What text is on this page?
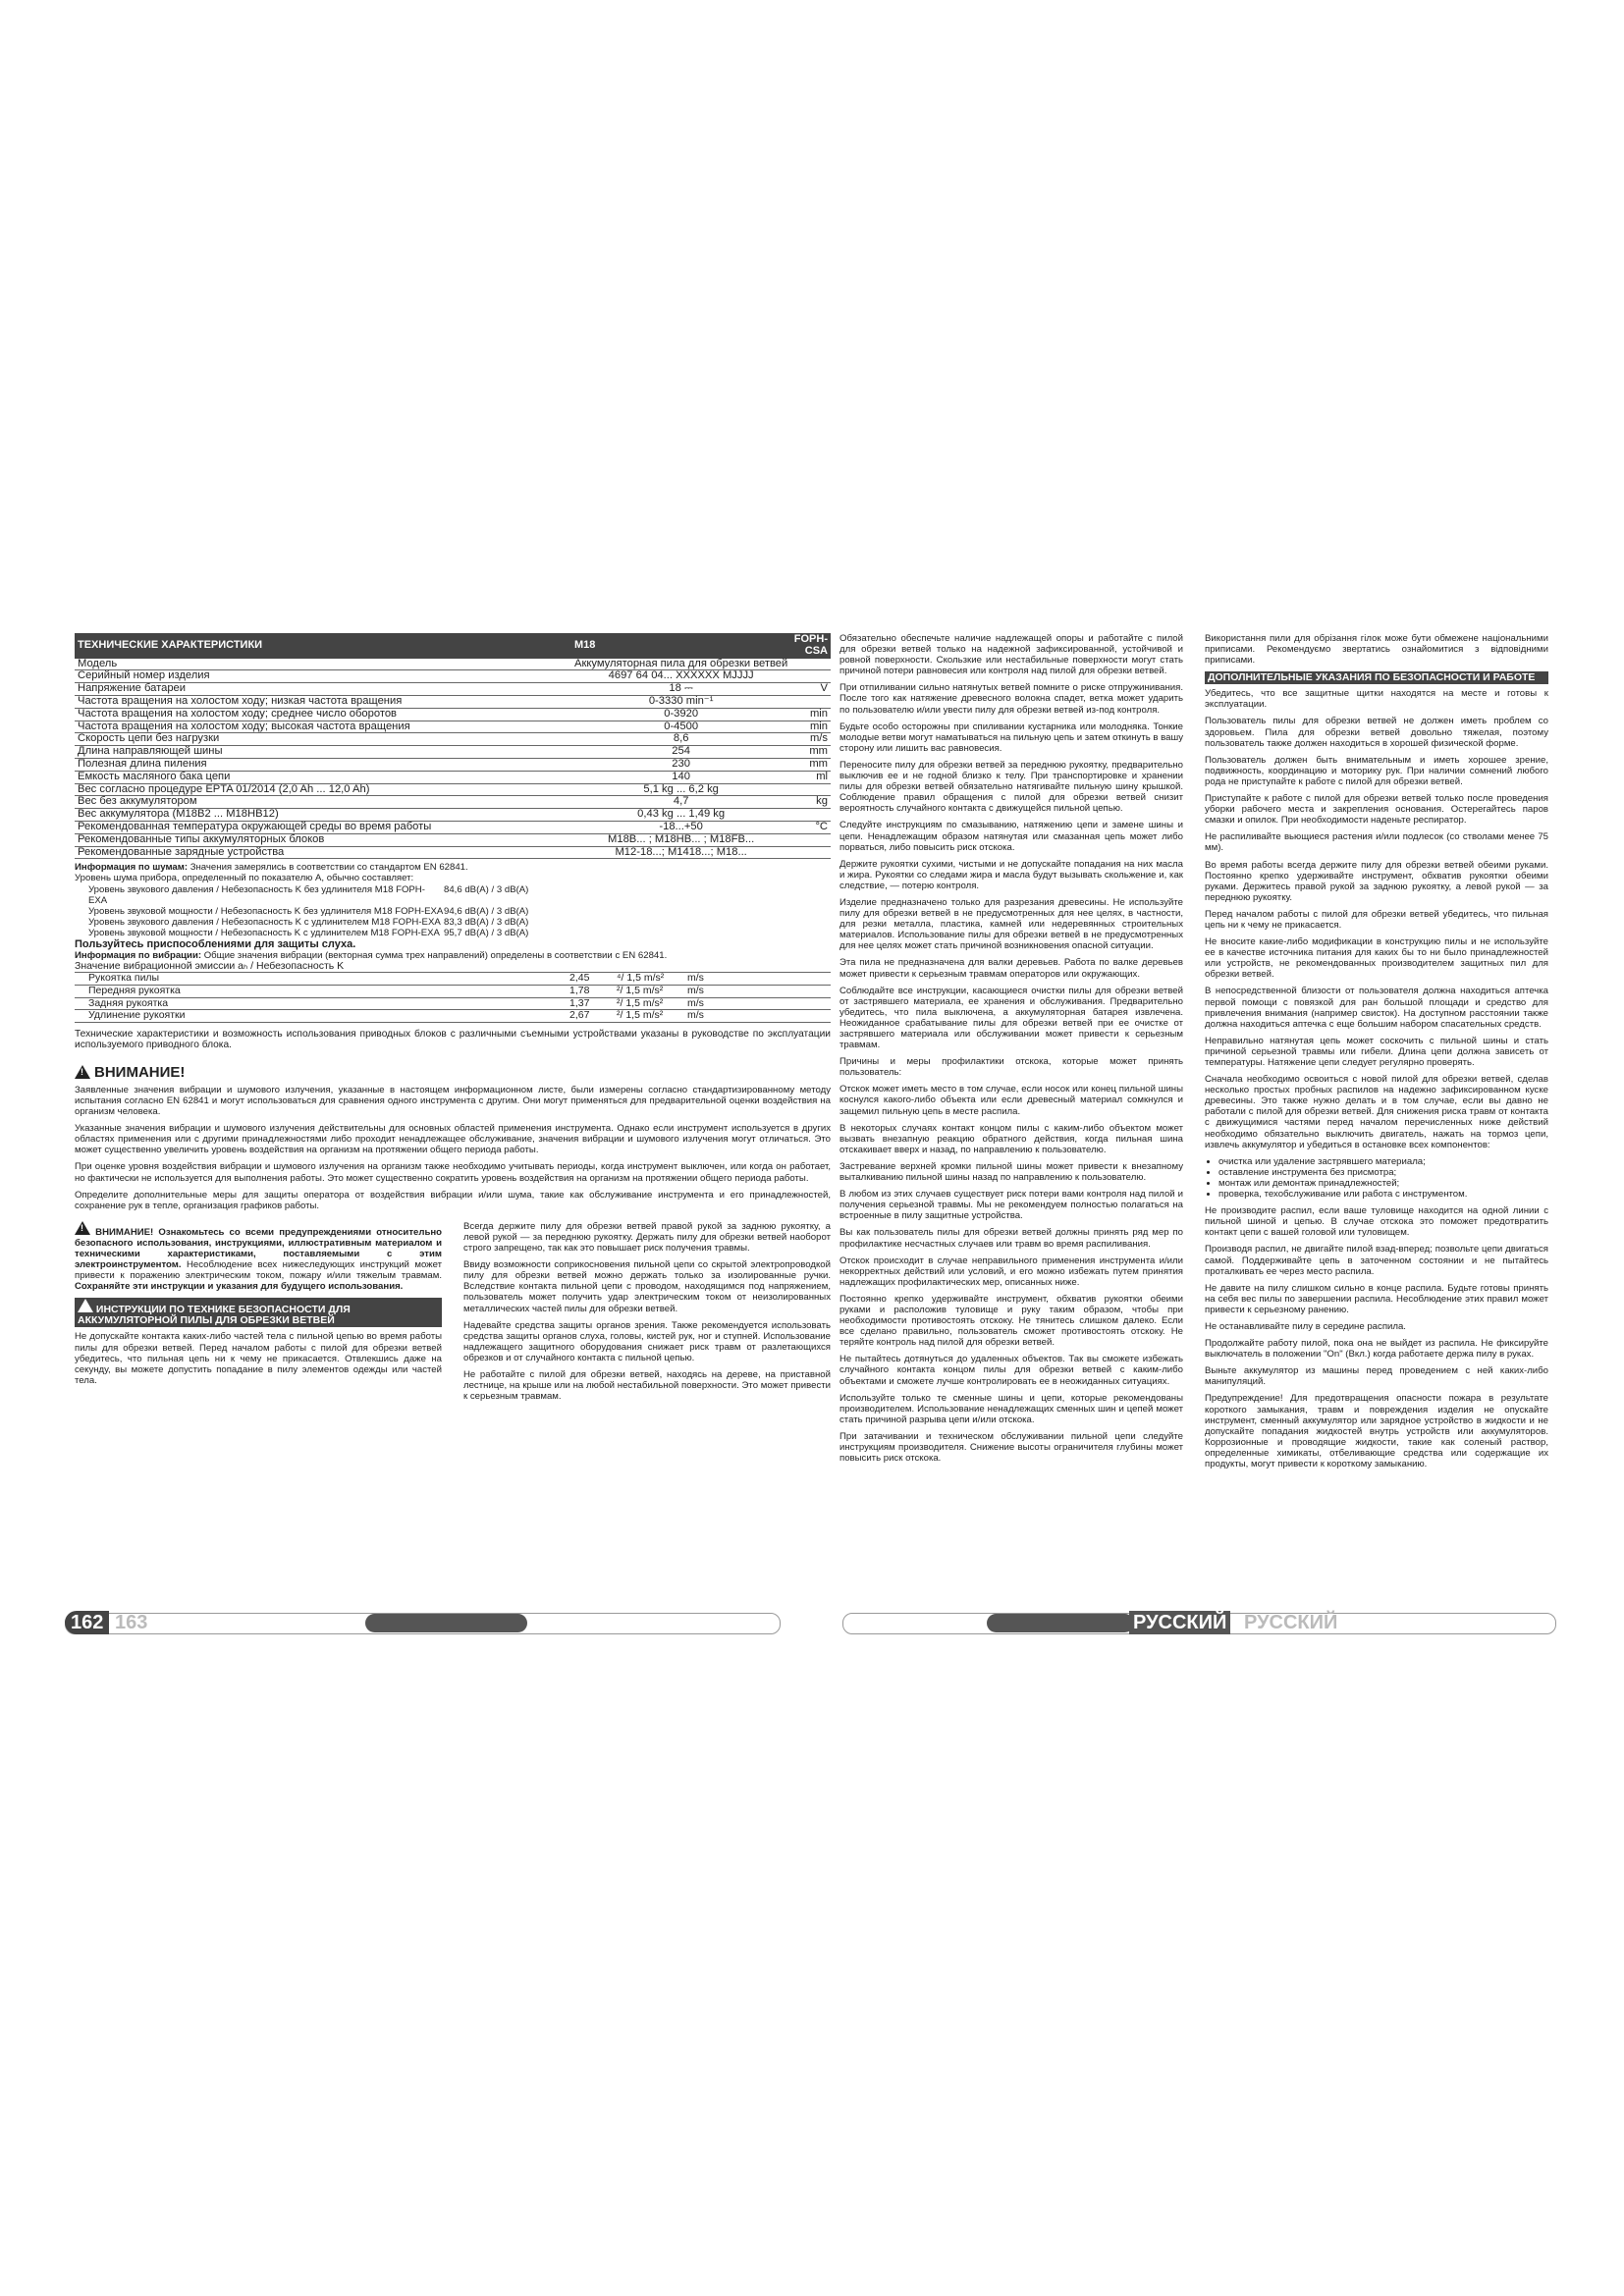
ТЕХНИЧЕСКИЕ ХАРАКТЕРИСТИКИ	M18	FOPH-CSA
Модель	Аккумуляторная пила для обрезки ветвей	
Серийный номер изделия	4697 64 04... XXXXXX MJJJJ	
Напряжение батареи	18 ⎓	V
Частота вращения на холостом ходу; низкая частота вращения	0-3330 min⁻¹	
Частота вращения на холостом ходу; среднее число оборотов	0-3920	min
Частота вращения на холостом ходу; высокая частота вращения	0-4500	min
Скорость цепи без нагрузки	8,6	m/s
Длина направляющей шины	254	mm
Полезная длина пиления	230	mm
Емкость масляного бака цепи	140	ml
Вес согласно процедуре EPTA 01/2014 (2,0 Ah ... 12,0 Ah)	5,1 kg ... 6,2 kg	
Вес без аккумулятором	4,7	kg
Вес аккумулятора (M18B2 ... M18HB12)	0,43 kg ... 1,49 kg	
Рекомендованная температура окружающей среды во время работы	-18...+50	°C
Рекомендованные типы аккумуляторных блоков	M18B... ; M18HB... ; M18FB...	
Рекомендованные зарядные устройства	M12-18...; M1418...; M18...	
Информация по шумам: Значения замерялись в соответствии со стандартом EN 62841.
Уровень шума прибора, определенный по показателю A, обычно составляет:
Уровень звукового давления / Небезопасность K без удлинителя M18 FOPH-EXA
84,6 dB(A) / 3 dB(A)
Уровень звуковой мощности / Небезопасность K без удлинителя M18 FOPH-EXA 94,6 dB(A) / 3 dB(A)
Уровень звукового давления / Небезопасность K с удлинителем M18 FOPH-EXA 83,3 dB(A) / 3 dB(A)
Уровень звуковой мощности / Небезопасность K с удлинителем M18 FOPH-EXA 95,7 dB(A) / 3 dB(A)
Пользуйтесь приспособлениями для защиты слуха.
Информация по вибрации: Общие значения вибрации (векторная сумма трех направлений) определены в соответствии с EN 62841.
Значение вибрационной эмиссии aₕ / Небезопасность K
Рукоятка пилы	2,45	⁴/ 1,5 m/s²	m/s
Передняя рукоятка	1,78	²/ 1,5 m/s²	m/s
Задняя рукоятка	1,37	²/ 1,5 m/s²	m/s
Удлинение рукоятки	2,67	²/ 1,5 m/s²	m/s
Технические характеристики и возможность использования приводных блоков с различными съемными устройствами указаны в руководстве по эксплуатации используемого приводного блока.
!
ВНИМАНИЕ!
Заявленные значения вибрации и шумового излучения, указанные в настоящем информационном листе, были измерены согласно стандартизированному методу испытания согласно EN 62841 и могут использоваться для сравнения одного инструмента с другим. Они могут применяться для предварительной оценки воздействия на организм человека.
Указанные значения вибрации и шумового излучения действительны для основных областей применения инструмента. Однако если инструмент используется в других областях применения или с другими принадлежностями либо проходит ненадлежащее обслуживание, значения вибрации и шумового излучения могут отличаться. Это может существенно увеличить уровень воздействия на организм на протяжении общего периода работы.
При оценке уровня воздействия вибрации и шумового излучения на организм также необходимо учитывать периоды, когда инструмент выключен, или когда он работает, но фактически не используется для выполнения работы. Это может существенно сократить уровень воздействия на организм на протяжении общего периода работы.
Определите дополнительные меры для защиты оператора от воздействия вибрации и/или шума, такие как обслуживание инструмента и его принадлежностей, сохранение рук в тепле, организация графиков работы.
! ВНИМАНИЕ! Ознакомьтесь со всеми предупреждениями относительно безопасного использования, инструкциями, иллюстративным материалом и техническими характеристиками, поставляемыми с этим электроинструментом. Несоблюдение всех нижеследующих инструкций может привести к поражению электрическим током, пожару и/или тяжелым травмам. Сохраняйте эти инструкции и указания для будущего использования.
! ИНСТРУКЦИИ ПО ТЕХНИКЕ БЕЗОПАСНОСТИ ДЛЯ АККУМУЛЯТОРНОЙ ПИЛЫ ДЛЯ ОБРЕЗКИ ВЕТВЕЙ
Не допускайте контакта каких-либо частей тела с пильной цепью во время работы пилы для обрезки ветвей. Перед началом работы с пилой для обрезки ветвей убедитесь, что пильная цепь ни к чему не прикасается. Отвлекшись даже на секунду, вы можете допустить попадание в пилу элементов одежды или частей тела.
Всегда держите пилу для обрезки ветвей правой рукой за заднюю рукоятку, а левой рукой — за переднюю рукоятку. Держать пилу для обрезки ветвей наоборот строго запрещено, так как это повышает риск получения травмы.
Ввиду возможности соприкосновения пильной цепи со скрытой электропроводкой пилу для обрезки ветвей можно держать только за изолированные ручки. Вследствие контакта пильной цепи с проводом, находящимся под напряжением, пользователь может получить удар электрическим током от неизолированных металлических частей пилы для обрезки ветвей.
Надевайте средства защиты органов зрения. Также рекомендуется использовать средства защиты органов слуха, головы, кистей рук, ног и ступней. Использование надлежащего защитного оборудования снижает риск травм от разлетающихся обрезков и от случайного контакта с пильной цепью.
Не работайте с пилой для обрезки ветвей, находясь на дереве, на приставной лестнице, на крыше или на любой нестабильной поверхности. Это может привести к серьезным травмам.
Обязательно обеспечьте наличие надлежащей опоры и работайте с пилой для обрезки ветвей только на надежной зафиксированной, устойчивой и ровной поверхности. Скользкие или нестабильные поверхности могут стать причиной потери равновесия или контроля над пилой для обрезки ветвей.
При отпиливании сильно натянутых ветвей помните о риске отпружинивания. После того как натяжение древесного волокна спадет, ветка может ударить по пользователю и/или увести пилу для обрезки ветвей из-под контроля.
Будьте особо осторожны при спиливании кустарника или молодняка. Тонкие молодые ветви могут наматываться на пильную цепь и затем откинуть в вашу сторону или лишить вас равновесия.
Переносите пилу для обрезки ветвей за переднюю рукоятку, предварительно выключив ее и не годной близко к телу. При транспортировке и хранении пилы для обрезки ветвей обязательно натягивайте пильную шину крышкой. Соблюдение правил обращения с пилой для обрезки ветвей снизит вероятность случайного контакта с движущейся пильной цепью.
Следуйте инструкциям по смазыванию, натяжению цепи и замене шины и цепи. Ненадлежащим образом натянутая или смазанная цепь может либо порваться, либо повысить риск отскока.
Держите рукоятки сухими, чистыми и не допускайте попадания на них масла и жира. Рукоятки со следами жира и масла будут вызывать скольжение и, как следствие, — потерю контроля.
Изделие предназначено только для разрезания древесины. Не используйте пилу для обрезки ветвей в не предусмотренных для нее целях, в частности, для резки металла, пластика, камней или недеревянных строительных материалов. Использование пилы для обрезки ветвей в не предусмотренных для нее целях может стать причиной возникновения опасной ситуации.
Эта пила не предназначена для валки деревьев. Работа по валке деревьев может привести к серьезным травмам операторов или окружающих.
Соблюдайте все инструкции, касающиеся очистки пилы для обрезки ветвей от застрявшего материала, ее хранения и обслуживания. Предварительно убедитесь, что пила выключена, а аккумуляторная батарея извлечена. Неожиданное срабатывание пилы для обрезки ветвей при ее очистке от застрявшего материала или обслуживании может привести к серьезным травмам.
Причины и меры профилактики отскока, которые может принять пользователь:
Отскок может иметь место в том случае, если носок или конец пильной шины коснулся какого-либо объекта или если древесный материал сомкнулся и защемил пильную цепь в месте распила.
В некоторых случаях контакт концом пилы с каким-либо объектом может вызвать внезапную реакцию обратного действия, когда пильная шина отскакивает вверх и назад, по направлению к пользователю.
Застревание верхней кромки пильной шины может привести к внезапному выталкиванию пильной шины назад по направлению к пользователю.
В любом из этих случаев существует риск потери вами контроля над пилой и получения серьезной травмы. Мы не рекомендуем полностью полагаться на встроенные в пилу защитные устройства.
Вы как пользователь пилы для обрезки ветвей должны принять ряд мер по профилактике несчастных случаев или травм во время распиливания.
Отскок происходит в случае неправильного применения инструмента и/или некорректных действий или условий, и его можно избежать путем принятия надлежащих профилактических мер, описанных ниже.
Постоянно крепко удерживайте инструмент, обхватив рукоятки обеими руками и расположив туловище и руку таким образом, чтобы при необходимости противостоять отскоку. Не тянитесь слишком далеко. Если все сделано правильно, пользователь сможет противостоять отскоку. Не теряйте контроль над пилой для обрезки ветвей.
Не пытайтесь дотянуться до удаленных объектов. Так вы сможете избежать случайного контакта концом пилы для обрезки ветвей с каким-либо объектами и сможете лучше контролировать ее в неожиданных ситуациях.
Используйте только те сменные шины и цепи, которые рекомендованы производителем. Использование ненадлежащих сменных шин и цепей может стать причиной разрыва цепи и/или отскока.
При затачивании и техническом обслуживании пильной цепи следуйте инструкциям производителя. Снижение высоты ограничителя глубины может повысить риск отскока.
Використання пили для обрізання гілок може бути обмежене національними приписами. Рекомендуємо звертатись ознайомитися з відповідними приписами.
ДОПОЛНИТЕЛЬНЫЕ УКАЗАНИЯ ПО БЕЗОПАСНОСТИ И РАБОТЕ
Убедитесь, что все защитные щитки находятся на месте и готовы к эксплуатации.
Пользователь пилы для обрезки ветвей не должен иметь проблем со здоровьем. Пила для обрезки ветвей довольно тяжелая, поэтому пользователь также должен находиться в хорошей физической форме.
Пользователь должен быть внимательным и иметь хорошее зрение, подвижность, координацию и моторику рук. При наличии сомнений любого рода не приступайте к работе с пилой для обрезки ветвей.
Приступайте к работе с пилой для обрезки ветвей только после проведения уборки рабочего места и закрепления основания. Остерегайтесь паров смазки и опилок. При необходимости наденьте респиратор.
Не распиливайте вьющиеся растения и/или подлесок (со стволами менее 75 мм).
Во время работы всегда держите пилу для обрезки ветвей обеими руками. Постоянно крепко удерживайте инструмент, обхватив рукоятки обеими руками. Держитесь правой рукой за заднюю рукоятку, а левой рукой — за переднюю рукоятку.
Перед началом работы с пилой для обрезки ветвей убедитесь, что пильная цепь ни к чему не прикасается.
Не вносите какие-либо модификации в конструкцию пилы и не используйте ее в качестве источника питания для каких бы то ни было принадлежностей или устройств, не рекомендованных производителем защитных пил для обрезки ветвей.
В непосредственной близости от пользователя должна находиться аптечка первой помощи с повязкой для ран большой площади и средство для привлечения внимания (например свисток). На доступном расстоянии также должна находиться аптечка с еще большим набором спасательных средств.
Неправильно натянутая цепь может соскочить с пильной шины и стать причиной серьезной травмы или гибели. Длина цепи должна зависеть от температуры. Натяжение цепи следует регулярно проверять.
Сначала необходимо освоиться с новой пилой для обрезки ветвей, сделав несколько простых пробных распилов на надежно зафиксированном куске древесины. Это также нужно делать и в том случае, если вы давно не работали с пилой для обрезки ветвей. Для снижения риска травм от контакта с движущимися частями перед началом перечисленных ниже действий необходимо обязательно выключить двигатель, нажать на тормоз цепи, извлечь аккумулятор и убедиться в остановке всех компонентов:
• очистка или удаление застрявшего материала;
• оставление инструмента без присмотра;
• монтаж или демонтаж принадлежностей;
• проверка, техобслуживание или работа с инструментом.
Не производите распил, если ваше туловище находится на одной линии с пильной шиной и цепью. В случае отскока это поможет предотвратить контакт цепи с вашей головой или туловищем.
Производя распил, не двигайте пилой взад-вперед; позвольте цепи двигаться самой. Поддерживайте цепь в заточенном состоянии и не пытайтесь проталкивать ее через место распила.
Не давите на пилу слишком сильно в конце распила. Будьте готовы принять на себя вес пилы по завершении распила. Несоблюдение этих правил может привести к серьезному ранению.
Не останавливайте пилу в середине распила.
Продолжайте работу пилой, пока она не выйдет из распила. Не фиксируйте выключатель в положении "On" (Вкл.) когда работаете держа пилу в руках.
Выньте аккумулятор из машины перед проведением с ней каких-либо манипуляций.
Предупреждение! Для предотвращения опасности пожара в результате короткого замыкания, травм и повреждения изделия не опускайте инструмент, сменный аккумулятор или зарядное устройство в жидкости и не допускайте попадания жидкостей внутрь устройств или аккумуляторов. Коррозионные и проводящие жидкости, такие как соленый раствор, определенные химикаты, отбеливающие средства или содержащие их продукты, могут привести к короткому замыканию.
162 163	РУССКИЙ РУССКИЙ
